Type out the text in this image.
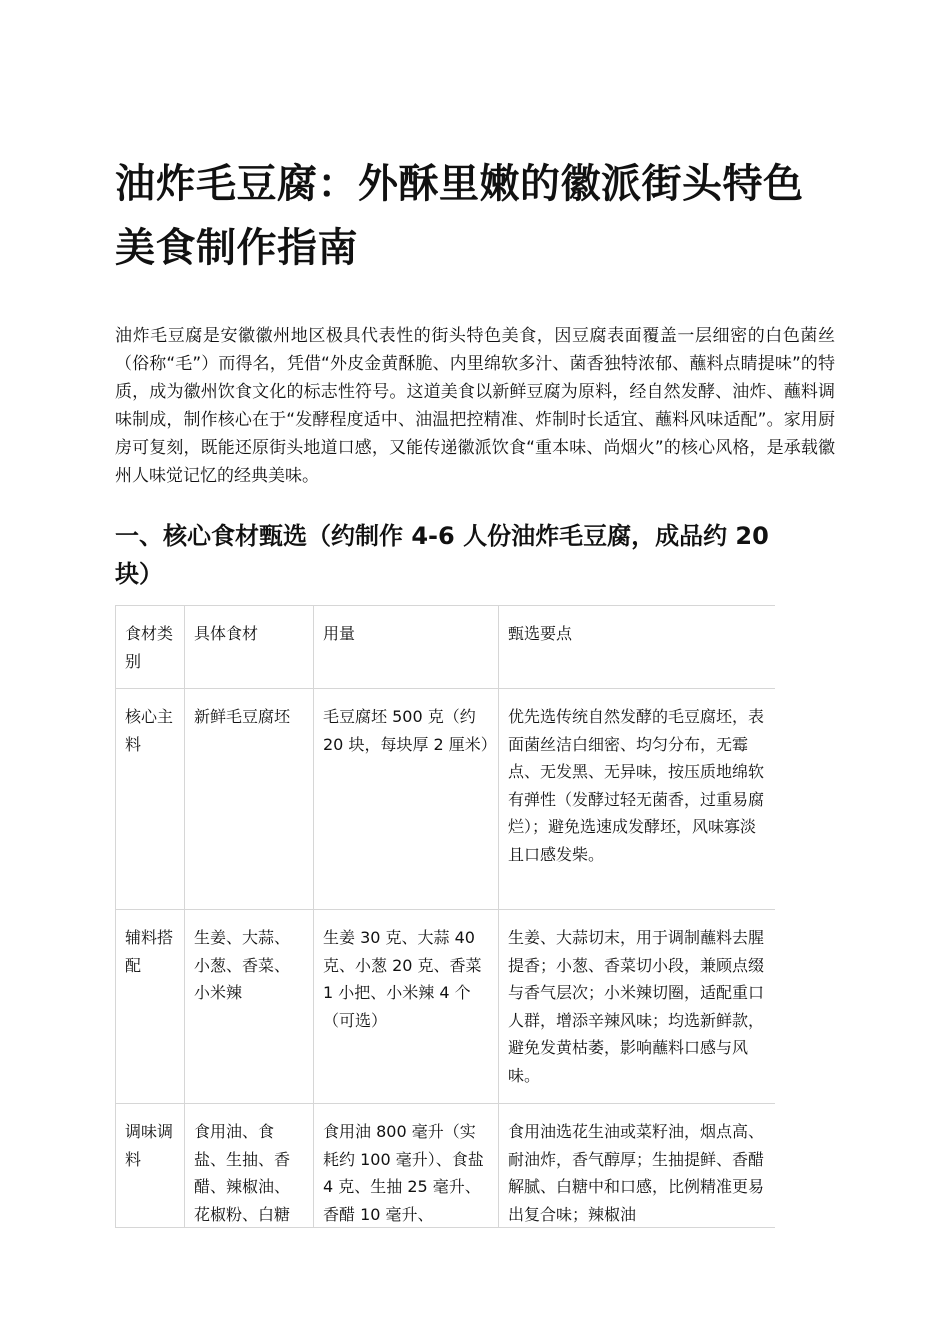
油炸毛豆腐：外酥里嫩的徽派街头特色美食制作指南

油炸毛豆腐是安徽徽州地区极具代表性的街头特色美食，因豆腐表面覆盖一层细密的白色菌丝（俗称“毛”）而得名，凭借“外皮金黄酥脆、内里绵软多汁、菌香独特浓郁、蘸料点睛提味”的特质，成为徽州饮食文化的标志性符号。这道美食以新鲜豆腐为原料，经自然发酵、油炸、蘸料调味制成，制作核心在于“发酵程度适中、油温把控精准、炸制时长适宜、蘸料风味适配”。家用厨房可复刻，既能还原街头地道口感，又能传递徽派饮食“重本味、尚烟火”的核心风格，是承载徽州人味觉记忆的经典美味。

一、核心食材甄选（约制作 4-6 人份油炸毛豆腐，成品约 20 块）
食材类别	具体食材	用量	甄选要点
核心主料	新鲜毛豆腐坯	毛豆腐坯 500 克（约 20 块，每块厚 2 厘米）	优先选传统自然发酵的毛豆腐坯，表面菌丝洁白细密、均匀分布，无霉点、无发黑、无异味，按压质地绵软有弹性（发酵过轻无菌香，过重易腐烂）；避免选速成发酵坯，风味寡淡且口感发柴。
辅料搭配	生姜、大蒜、小葱、香菜、小米辣	生姜 30 克、大蒜 40 克、小葱 20 克、香菜 1 小把、小米辣 4 个（可选）	生姜、大蒜切末，用于调制蘸料去腥提香；小葱、香菜切小段，兼顾点缀与香气层次；小米辣切圈，适配重口人群，增添辛辣风味；均选新鲜款，避免发黄枯萎，影响蘸料口感与风味。
调味调料	食用油、食盐、生抽、香醋、辣椒油、花椒粉、白糖	食用油 800 毫升（实耗约 100 毫升）、食盐 4 克、生抽 25 毫升、香醋 10 毫升、	食用油选花生油或菜籽油，烟点高、耐油炸，香气醇厚；生抽提鲜、香醋解腻、白糖中和口感，比例精准更易出复合味；辣椒油
